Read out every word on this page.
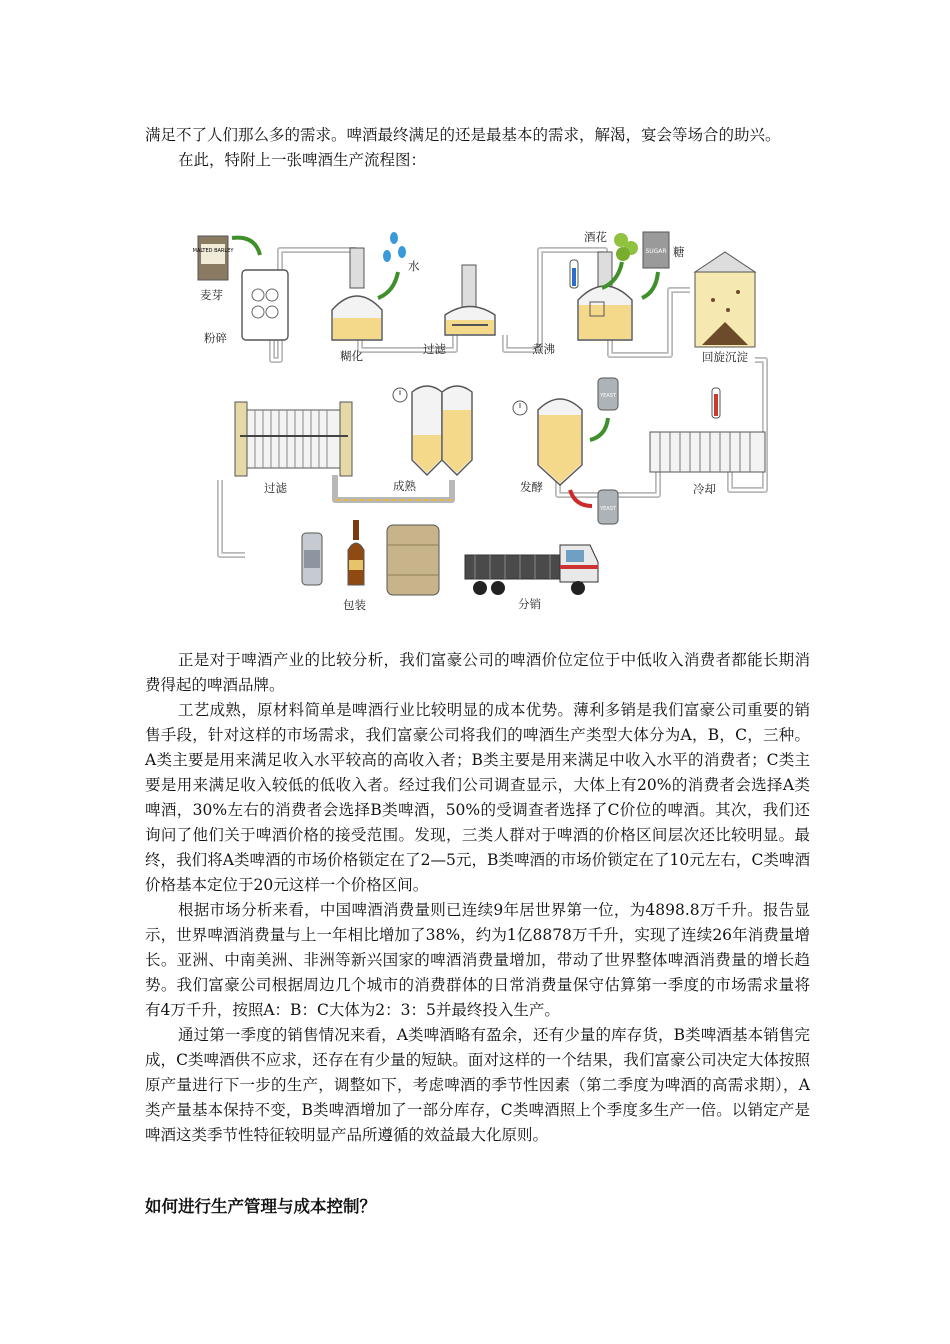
满足不了人们那么多的需求。啤酒最终满足的还是最基本的需求，解渴，宴会等场合的助兴。

在此，特附上一张啤酒生产流程图：

MALTED BARLEY
麦芽
粉碎
水
糊化	过滤
酒花
煮沸
SUGAR 糖
回旋沉淀
冷却
发酵
YEAST
YEAST
成熟
过滤
包装	分销

正是对于啤酒产业的比较分析，我们富豪公司的啤酒价位定位于中低收入消费者都能长期消费得起的啤酒品牌。

工艺成熟，原材料简单是啤酒行业比较明显的成本优势。薄利多销是我们富豪公司重要的销售手段，针对这样的市场需求，我们富豪公司将我们的啤酒生产类型大体分为A，B，C，三种。A类主要是用来满足收入水平较高的高收入者；B类主要是用来满足中收入水平的消费者；C类主要是用来满足收入较低的低收入者。经过我们公司调查显示，大体上有20%的消费者会选择A类啤酒，30%左右的消费者会选择B类啤酒，50%的受调查者选择了C价位的啤酒。其次，我们还询问了他们关于啤酒价格的接受范围。发现，三类人群对于啤酒的价格区间层次还比较明显。最终，我们将A类啤酒的市场价格锁定在了2—5元，B类啤酒的市场价锁定在了10元左右，C类啤酒价格基本定位于20元这样一个价格区间。

根据市场分析来看，中国啤酒消费量则已连续9年居世界第一位，为4898.8万千升。报告显示，世界啤酒消费量与上一年相比增加了38%，约为1亿8878万千升，实现了连续26年消费量增长。亚洲、中南美洲、非洲等新兴国家的啤酒消费量增加，带动了世界整体啤酒消费量的增长趋势。我们富豪公司根据周边几个城市的消费群体的日常消费量保守估算第一季度的市场需求量将有4万千升，按照A：B：C大体为2：3：5并最终投入生产。

通过第一季度的销售情况来看，A类啤酒略有盈余，还有少量的库存货，B类啤酒基本销售完成，C类啤酒供不应求，还存在有少量的短缺。面对这样的一个结果，我们富豪公司决定大体按照原产量进行下一步的生产，调整如下，考虑啤酒的季节性因素（第二季度为啤酒的高需求期），A类产量基本保持不变，B类啤酒增加了一部分库存，C类啤酒照上个季度多生产一倍。以销定产是啤酒这类季节性特征较明显产品所遵循的效益最大化原则。

如何进行生产管理与成本控制？
